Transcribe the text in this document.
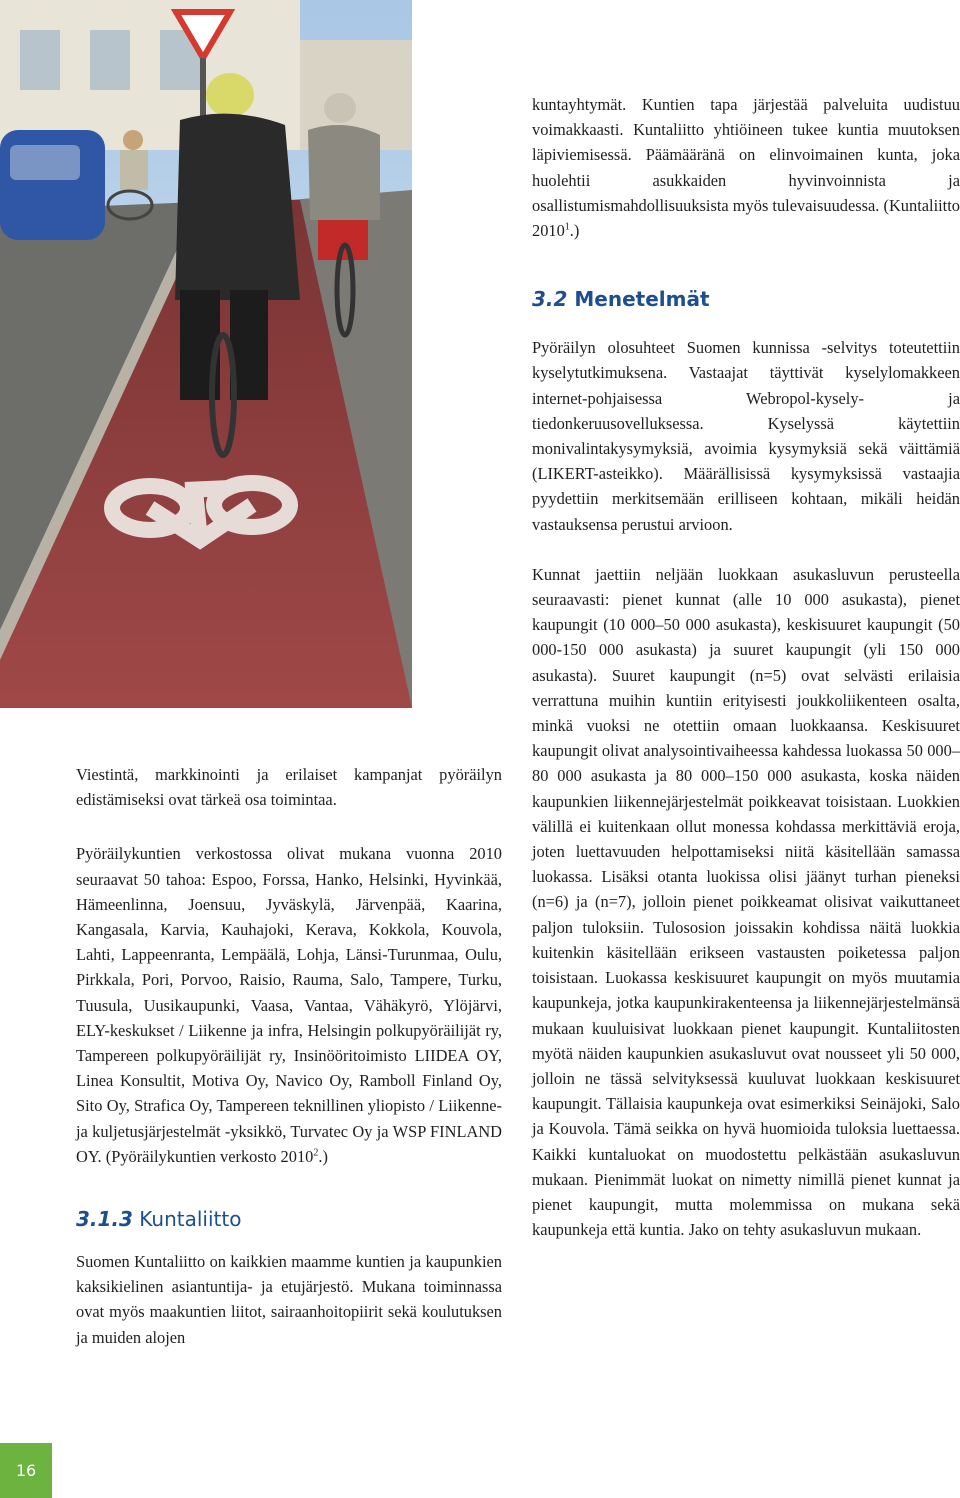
kuntayhtymät. Kuntien tapa järjestää palveluita uudistuu voimakkaasti. Kuntaliitto yhtiöineen tukee kuntia muutoksen läpiviemisessä. Päämääränä on elinvoimainen kunta, joka huolehtii asukkaiden hyvinvoinnista ja osallistumismahdollisuuksista myös tulevaisuudessa. (Kuntaliitto 2010$^1$.)

3.2 Menetelmät

Pyöräilyn olosuhteet Suomen kunnissa -selvitys toteutettiin kyselytutkimuksena. Vastaajat täyttivät kyselylomakkeen internet-pohjaisessa Webropol-kysely- ja tiedonkeruusovelluksessa. Kyselyssä käytettiin monivalintakysymyksiä, avoimia kysymyksiä sekä väittämiä (LIKERT-asteikko). Määrällisissä kysymyksissä vastaajia pyydettiin merkitsemään erilliseen kohtaan, mikäli heidän vastauksensa perustui arvioon.

Kunnat jaettiin neljään luokkaan asukasluvun perusteella seuraavasti: pienet kunnat (alle 10 000 asukasta), pienet kaupungit (10 000–50 000 asukasta), keskisuuret kaupungit (50 000-150 000 asukasta) ja suuret kaupungit (yli 150 000 asukasta). Suuret kaupungit (n=5) ovat selvästi erilaisia verrattuna muihin kuntiin erityisesti joukkoliikenteen osalta, minkä vuoksi ne otettiin omaan luokkaansa. Keskisuuret kaupungit olivat analysointivaiheessa kahdessa luokassa 50 000–80 000 asukasta ja 80 000–150 000 asukasta, koska näiden kaupunkien liikennejärjestelmät poikkeavat toisistaan. Luokkien välillä ei kuitenkaan ollut monessa kohdassa merkittäviä eroja, joten luettavuuden helpottamiseksi niitä käsitellään samassa luokassa. Lisäksi otanta luokissa olisi jäänyt turhan pieneksi (n=6) ja (n=7), jolloin pienet poikkeamat olisivat vaikuttaneet paljon tuloksiin. Tulososion joissakin kohdissa näitä luokkia kuitenkin käsitellään erikseen vastausten poiketessa paljon toisistaan. Luokassa keskisuuret kaupungit on myös muutamia kaupunkeja, jotka kaupunkirakenteensa ja liikennejärjestelmänsä mukaan kuuluisivat luokkaan pienet kaupungit. Kuntaliitosten myötä näiden kaupunkien asukasluvut ovat nousseet yli 50 000, jolloin ne tässä selvityksessä kuuluvat luokkaan keskisuuret kaupungit. Tällaisia kaupunkeja ovat esimerkiksi Seinäjoki, Salo ja Kouvola. Tämä seikka on hyvä huomioida tuloksia luettaessa. Kaikki kuntaluokat on muodostettu pelkästään asukasluvun mukaan. Pienimmät luokat on nimetty nimillä pienet kunnat ja pienet kaupungit, mutta molemmissa on mukana sekä kaupunkeja että kuntia. Jako on tehty asukasluvun mukaan.

Viestintä, markkinointi ja erilaiset kampanjat pyöräilyn edistämiseksi ovat tärkeä osa toimintaa.

Pyöräilykuntien verkostossa olivat mukana vuonna 2010 seuraavat 50 tahoa: Espoo, Forssa, Hanko, Helsinki, Hyvinkää, Hämeenlinna, Joensuu, Jyväskylä, Järvenpää, Kaarina, Kangasala, Karvia, Kauhajoki, Kerava, Kokkola, Kouvola, Lahti, Lappeenranta, Lempäälä, Lohja, Länsi-Turunmaa, Oulu, Pirkkala, Pori, Porvoo, Raisio, Rauma, Salo, Tampere, Turku, Tuusula, Uusikaupunki, Vaasa, Vantaa, Vähäkyrö, Ylöjärvi, ELY-keskukset / Liikenne ja infra, Helsingin polkupyöräilijät ry, Tampereen polkupyöräilijät ry, Insinööritoimisto LIIDEA OY, Linea Konsultit, Motiva Oy, Navico Oy, Ramboll Finland Oy, Sito Oy, Strafica Oy, Tampereen teknillinen yliopisto / Liikenne- ja kuljetusjärjestelmät -yksikkö, Turvatec Oy ja WSP FINLAND OY. (Pyöräilykuntien verkosto 2010$^2$.)

3.1.3 Kuntaliitto

Suomen Kuntaliitto on kaikkien maamme kuntien ja kaupunkien kaksikielinen asiantuntija- ja etujärjestö. Mukana toiminnassa ovat myös maakuntien liitot, sairaanhoitopiirit sekä koulutuksen ja muiden alojen

16
